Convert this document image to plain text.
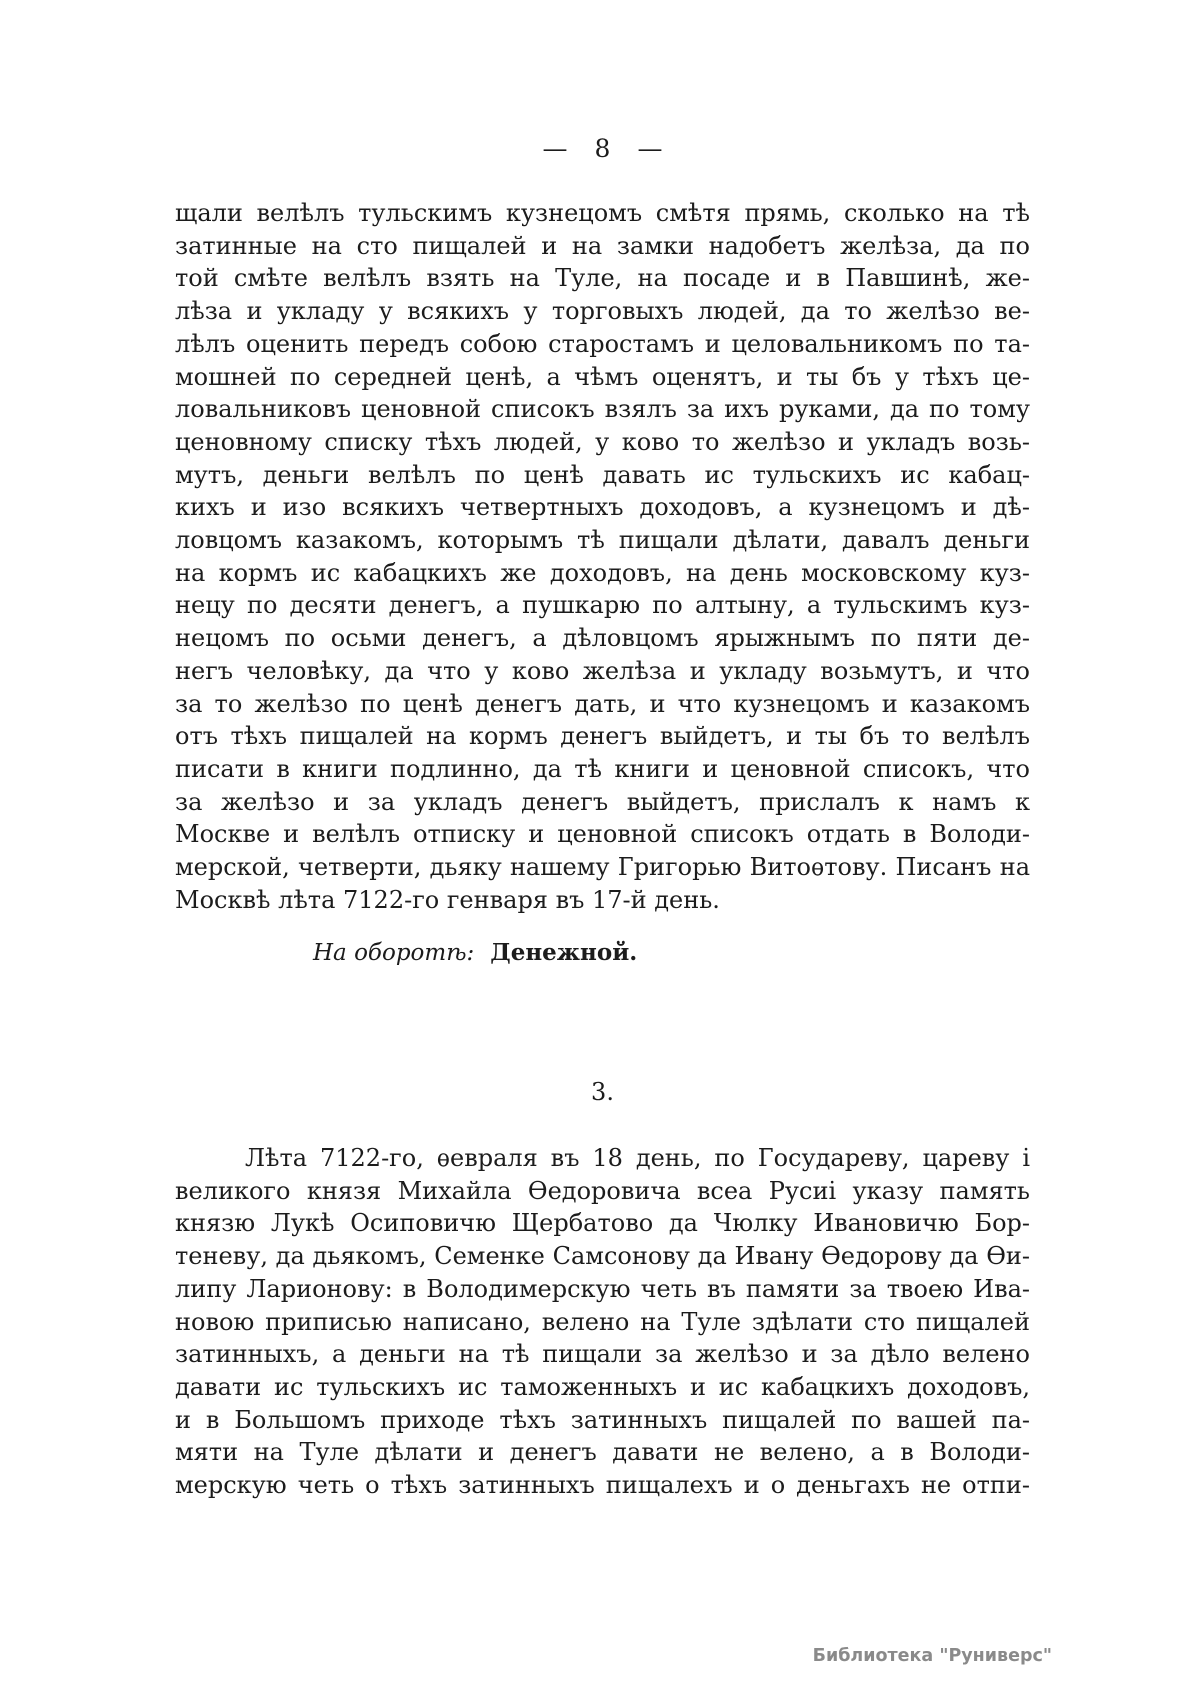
— 8 —
щали велѣлъ тульскимъ кузнецомъ смѣтя прямь, сколько на тѣ
затинные на сто пищалей и на замки надобетъ желѣза, да по
той смѣте велѣлъ взять на Туле, на посаде и в Павшинѣ, же-
лѣза и укладу у всякихъ у торговыхъ людей, да то желѣзо ве-
лѣлъ оценить передъ собою старостамъ и целовальникомъ по та-
мошней по середней ценѣ, а чѣмъ оценятъ, и ты бъ у тѣхъ це-
ловальниковъ ценовной списокъ взялъ за ихъ руками, да по тому
ценовному списку тѣхъ людей, у ково то желѣзо и укладъ возь-
мутъ, деньги велѣлъ по ценѣ давать ис тульскихъ ис кабац-
кихъ и изо всякихъ четвертныхъ доходовъ, а кузнецомъ и дѣ-
ловцомъ казакомъ, которымъ тѣ пищали дѣлати, давалъ деньги
на кормъ ис кабацкихъ же доходовъ, на день московскому куз-
нецу по десяти денегъ, а пушкарю по алтыну, а тульскимъ куз-
нецомъ по осьми денегъ, а дѣловцомъ ярыжнымъ по пяти де-
негъ человѣку, да что у ково желѣза и укладу возьмутъ, и что
за то желѣзо по ценѣ денегъ дать, и что кузнецомъ и казакомъ
отъ тѣхъ пищалей на кормъ денегъ выйдетъ, и ты бъ то велѣлъ
писати в книги подлинно, да тѣ книги и ценовной списокъ, что
за желѣзо и за укладъ денегъ выйдетъ, прислалъ к намъ к
Москве и велѣлъ отписку и ценовной списокъ отдать в Володи-
мерской, четверти, дьяку нашему Григорью Витоѳтову. Писанъ на
Москвѣ лѣта 7122-го генваря въ 17-й день.
На оборотѣ: Денежной.
3.
Лѣта 7122-го, ѳевраля въ 18 день, по Государеву, цареву і
великого князя Михайла Ѳедоровича всеа Русиі указу память
князю Лукѣ Осиповичю Щербатово да Чюлку Ивановичю Бор-
теневу, да дьякомъ, Семенке Самсонову да Ивану Ѳедорову да Ѳи-
липу Ларионову: в Володимерскую четь въ памяти за твоею Ива-
новою приписью написано, велено на Туле здѣлати сто пищалей
затинныхъ, а деньги на тѣ пищали за желѣзо и за дѣло велено
давати ис тульскихъ ис таможенныхъ и ис кабацкихъ доходовъ,
и в Большомъ приходе тѣхъ затинныхъ пищалей по вашей па-
мяти на Туле дѣлати и денегъ давати не велено, а в Володи-
мерскую четь о тѣхъ затинныхъ пищалехъ и о деньгахъ не отпи-
Библиотека "Руниверс"
